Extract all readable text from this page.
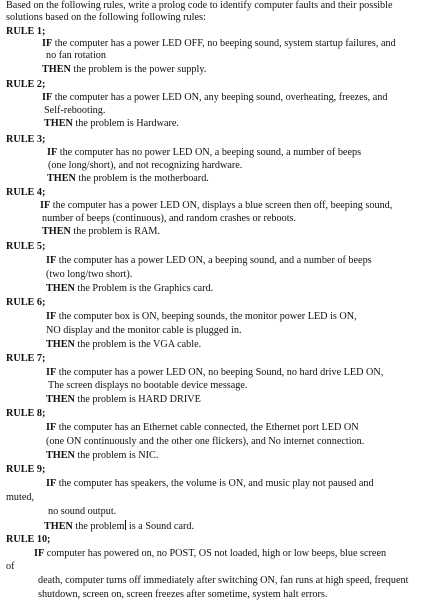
Based on the following rules, write a prolog code to identify computer faults and their possible
solutions based on the following following rules:
RULE 1;
IF the computer has a power LED OFF, no beeping sound, system startup failures, and
no fan rotation
THEN the problem is the power supply.
RULE 2;
IF the computer has a power LED ON, any beeping sound, overheating, freezes, and
Self-rebooting.
THEN the problem is Hardware.
RULE 3;
IF the computer has no power LED ON, a beeping sound, a number of beeps
(one long/short), and not recognizing hardware.
THEN the problem is the motherboard.
RULE 4;
IF the computer has a power LED ON, displays a blue screen then off, beeping sound,
number of beeps (continuous), and random crashes or reboots.
THEN the problem is RAM.
RULE 5;
IF the computer has a power LED ON, a beeping sound, and a number of beeps
(two long/two short).
THEN the Problem is the Graphics card.
RULE 6;
IF the computer box is ON, beeping sounds, the monitor power LED is ON,
NO display and the monitor cable is plugged in.
THEN the problem is the VGA cable.
RULE 7;
IF the computer has a power LED ON, no beeping Sound, no hard drive LED ON,
The screen displays no bootable device message.
THEN the problem is HARD DRIVE
RULE 8;
IF the computer has an Ethernet cable connected, the Ethernet port LED ON
(one ON continuously and the other one flickers), and No internet connection.
THEN the problem is NIC.
RULE 9;
IF the computer has speakers, the volume is ON, and music play not paused and
muted,
no sound output.
THEN the problem is a Sound card.
RULE 10;
IF computer has powered on, no POST, OS not loaded, high or low beeps, blue screen
of
death, computer turns off immediately after switching ON, fan runs at high speed, frequent
shutdown, screen on, screen freezes after sometime, system halt errors.
